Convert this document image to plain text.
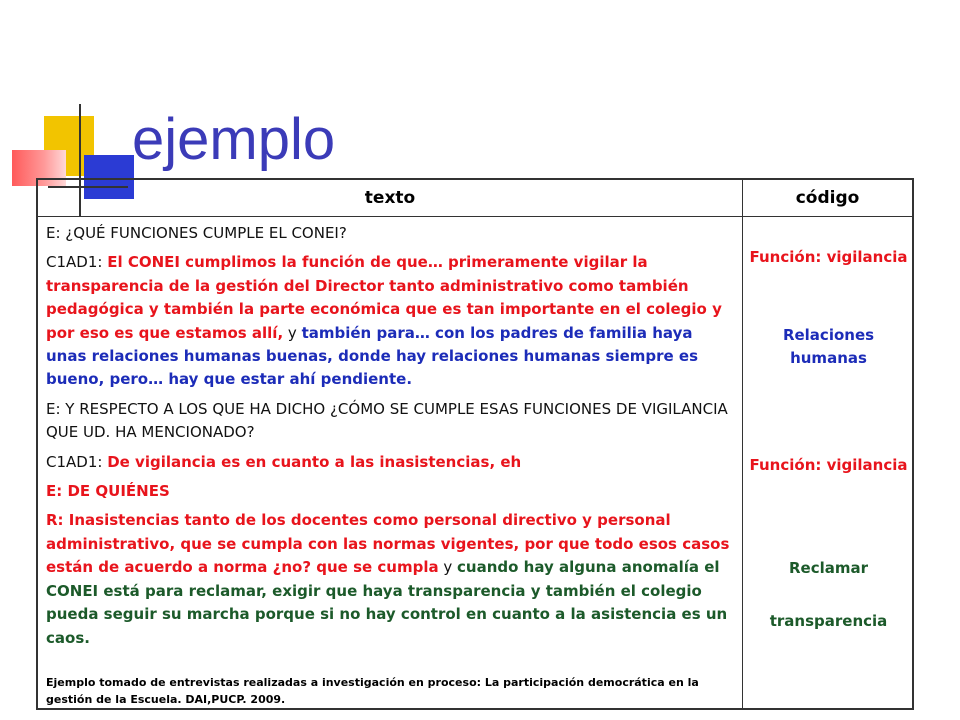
ejemplo
texto	código

E: ¿QUÉ FUNCIONES CUMPLE EL CONEI?

C1AD1: El CONEI cumplimos la función de que… primeramente vigilar la transparencia de la gestión del Director tanto administrativo como también pedagógica y también la parte económica que es tan importante en el colegio y por eso es que estamos allí, y también para… con los padres de familia haya unas relaciones humanas buenas, donde hay relaciones humanas siempre es bueno, pero… hay que estar ahí pendiente.

E: Y RESPECTO A LOS QUE HA DICHO ¿CÓMO SE CUMPLE ESAS FUNCIONES DE VIGILANCIA QUE UD. HA MENCIONADO?

C1AD1: De vigilancia es en cuanto a las inasistencias, eh

E: DE QUIÉNES

R: Inasistencias tanto de los docentes como personal directivo y personal administrativo, que se cumpla con las normas vigentes, por que todo esos casos están de acuerdo a norma ¿no? que se cumpla y cuando hay alguna anomalía el CONEI está para reclamar, exigir que haya transparencia y también el colegio pueda seguir su marcha porque si no hay control en cuanto a la asistencia es un caos.

Ejemplo tomado de entrevistas realizadas a investigación en proceso: La participación democrática en la gestión de la Escuela. DAI,PUCP. 2009.
Función: vigilancia
Relaciones humanas
Función: vigilancia
Reclamar
transparencia
